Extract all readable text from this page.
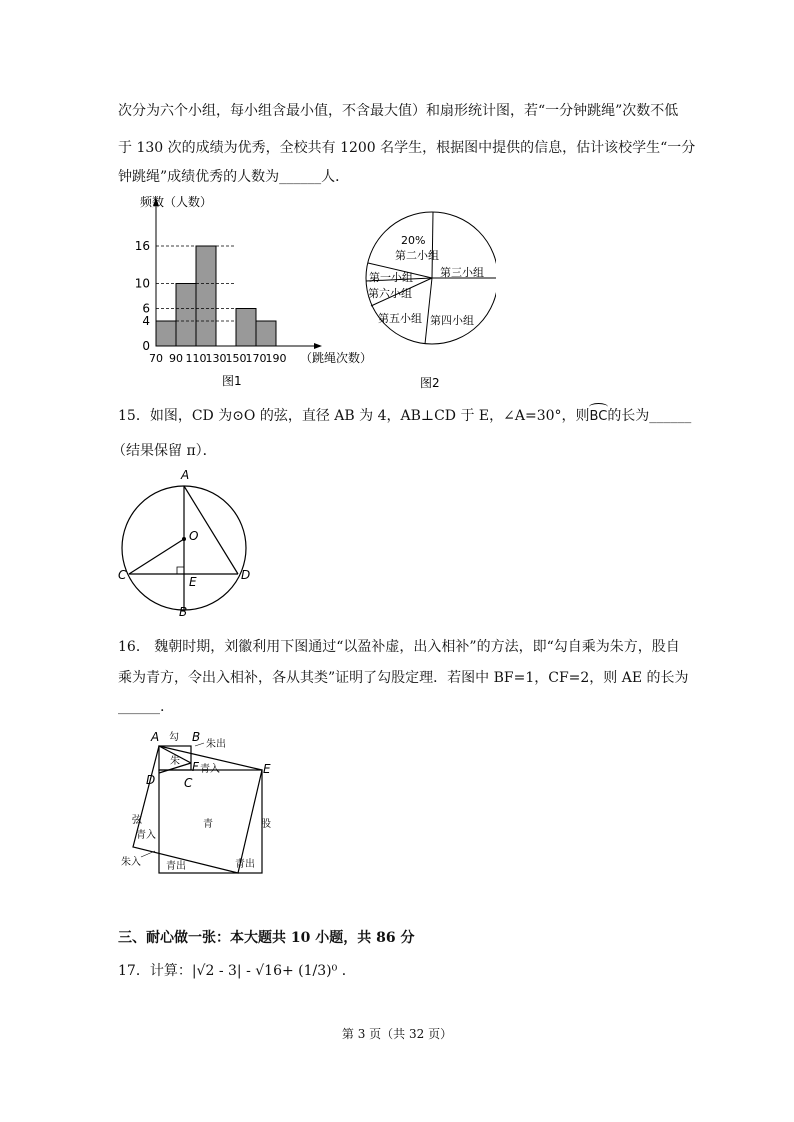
次分为六个小组，每小组含最小值，不含最大值）和扇形统计图，若“一分钟跳绳”次数不低
于 130 次的成绩为优秀，全校共有 1200 名学生，根据图中提供的信息，估计该校学生“一分
钟跳绳”成绩优秀的人数为______人．
0
4
6
10
16
70 90 110 130 150 170 190 （跳绳次数）
频数（人数）
图1
20%
第二小组
第三小组
第四小组
第五小组
第六小组
第一小组
图2
15．如图，CD 为⊙O 的弦，直径 AB 为 4，AB⊥CD 于 E，∠A=30°，则
BC的长为______
（结果保留 π）．
A
O
C	D
E
B
16． 魏朝时期，刘徽利用下图通过“以盈补虚，出入相补”的方法，即“勾自乘为朱方，股自
乘为青方，令出入相补，各从其类”证明了勾股定理．若图中 BF=1，CF=2，则 AE 的长为
______.
A	B
D
F
C
E
勾
朱出
朱
青入
弦	青	股
青入
朱入	青出	青出
三、耐心做一张：本大题共 10 小题，共 86 分
17．计算：|√2 - 3| - √16+ (1/3)⁰ ．
第 3 页（共 32 页）
